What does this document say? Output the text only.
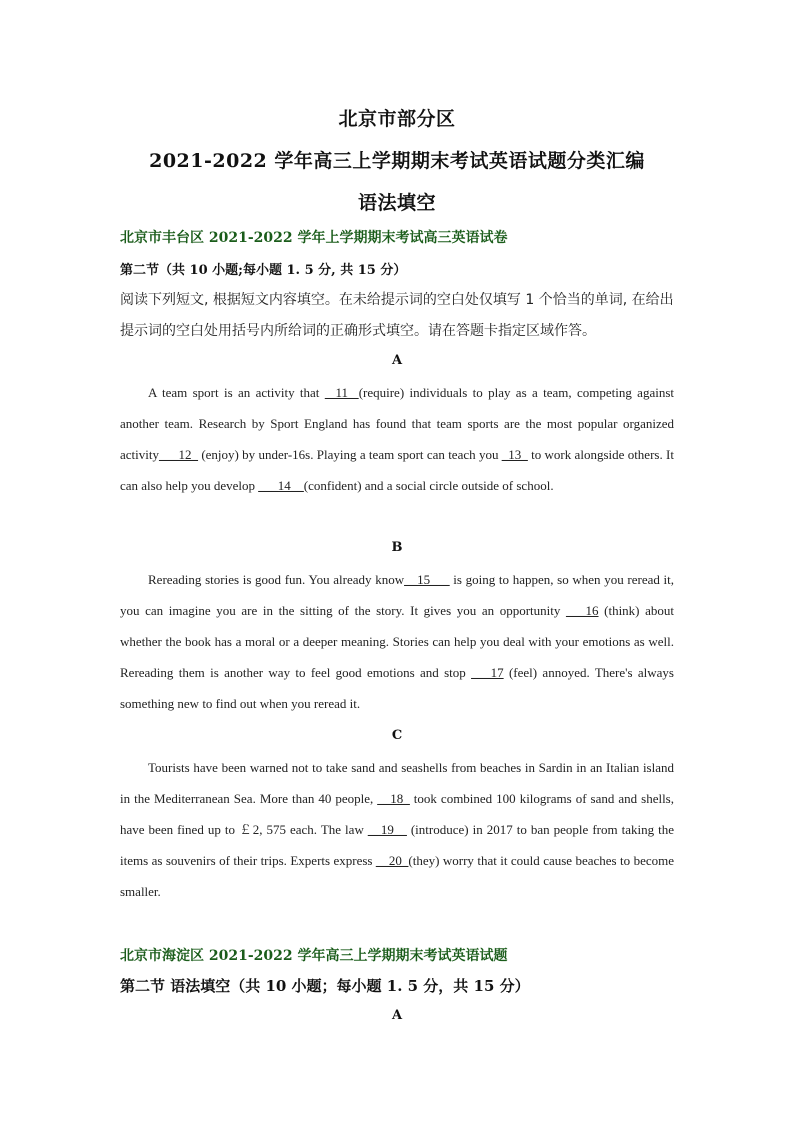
北京市部分区
2021-2022 学年高三上学期期末考试英语试题分类汇编
语法填空
北京市丰台区 2021-2022 学年上学期期末考试高三英语试卷
第二节（共 10 小题;每小题 1. 5 分, 共 15 分）
阅读下列短文, 根据短文内容填空。在未给提示词的空白处仅填写 1 个恰当的单词, 在给出提示词的空白处用括号内所给词的正确形式填空。请在答题卡指定区域作答。
A
A team sport is an activity that   11  (require) individuals to play as a team, competing against another team. Research by Sport England has found that team sports are the most popular organized activity___12_ (enjoy) by under-16s. Playing a team sport can teach you _13_ to work alongside others. It can also help you develop ___14__(confident) and a social circle outside of school.
B
Rereading stories is good fun. You already know__15___ is going to happen, so when you reread it, you can imagine you are in the sitting of the story. It gives you an opportunity ___16 (think) about whether the book has a moral or a deeper meaning. Stories can help you deal with your emotions as well. Rereading them is another way to feel good emotions and stop ___17 (feel) annoyed. There's always something new to find out when you reread it.
C
Tourists have been warned not to take sand and seashells from beaches in Sardin in an Italian island in the Mediterranean Sea. More than 40 people, __18_ took combined 100 kilograms of sand and shells, have been fined up to ￡2, 575 each. The law __19__ (introduce) in 2017 to ban people from taking the items as souvenirs of their trips. Experts express __20_(they) worry that it could cause beaches to become smaller.
北京市海淀区 2021-2022 学年高三上学期期末考试英语试题
第二节 语法填空（共 10 小题；每小题 1. 5 分，共 15 分）
A
